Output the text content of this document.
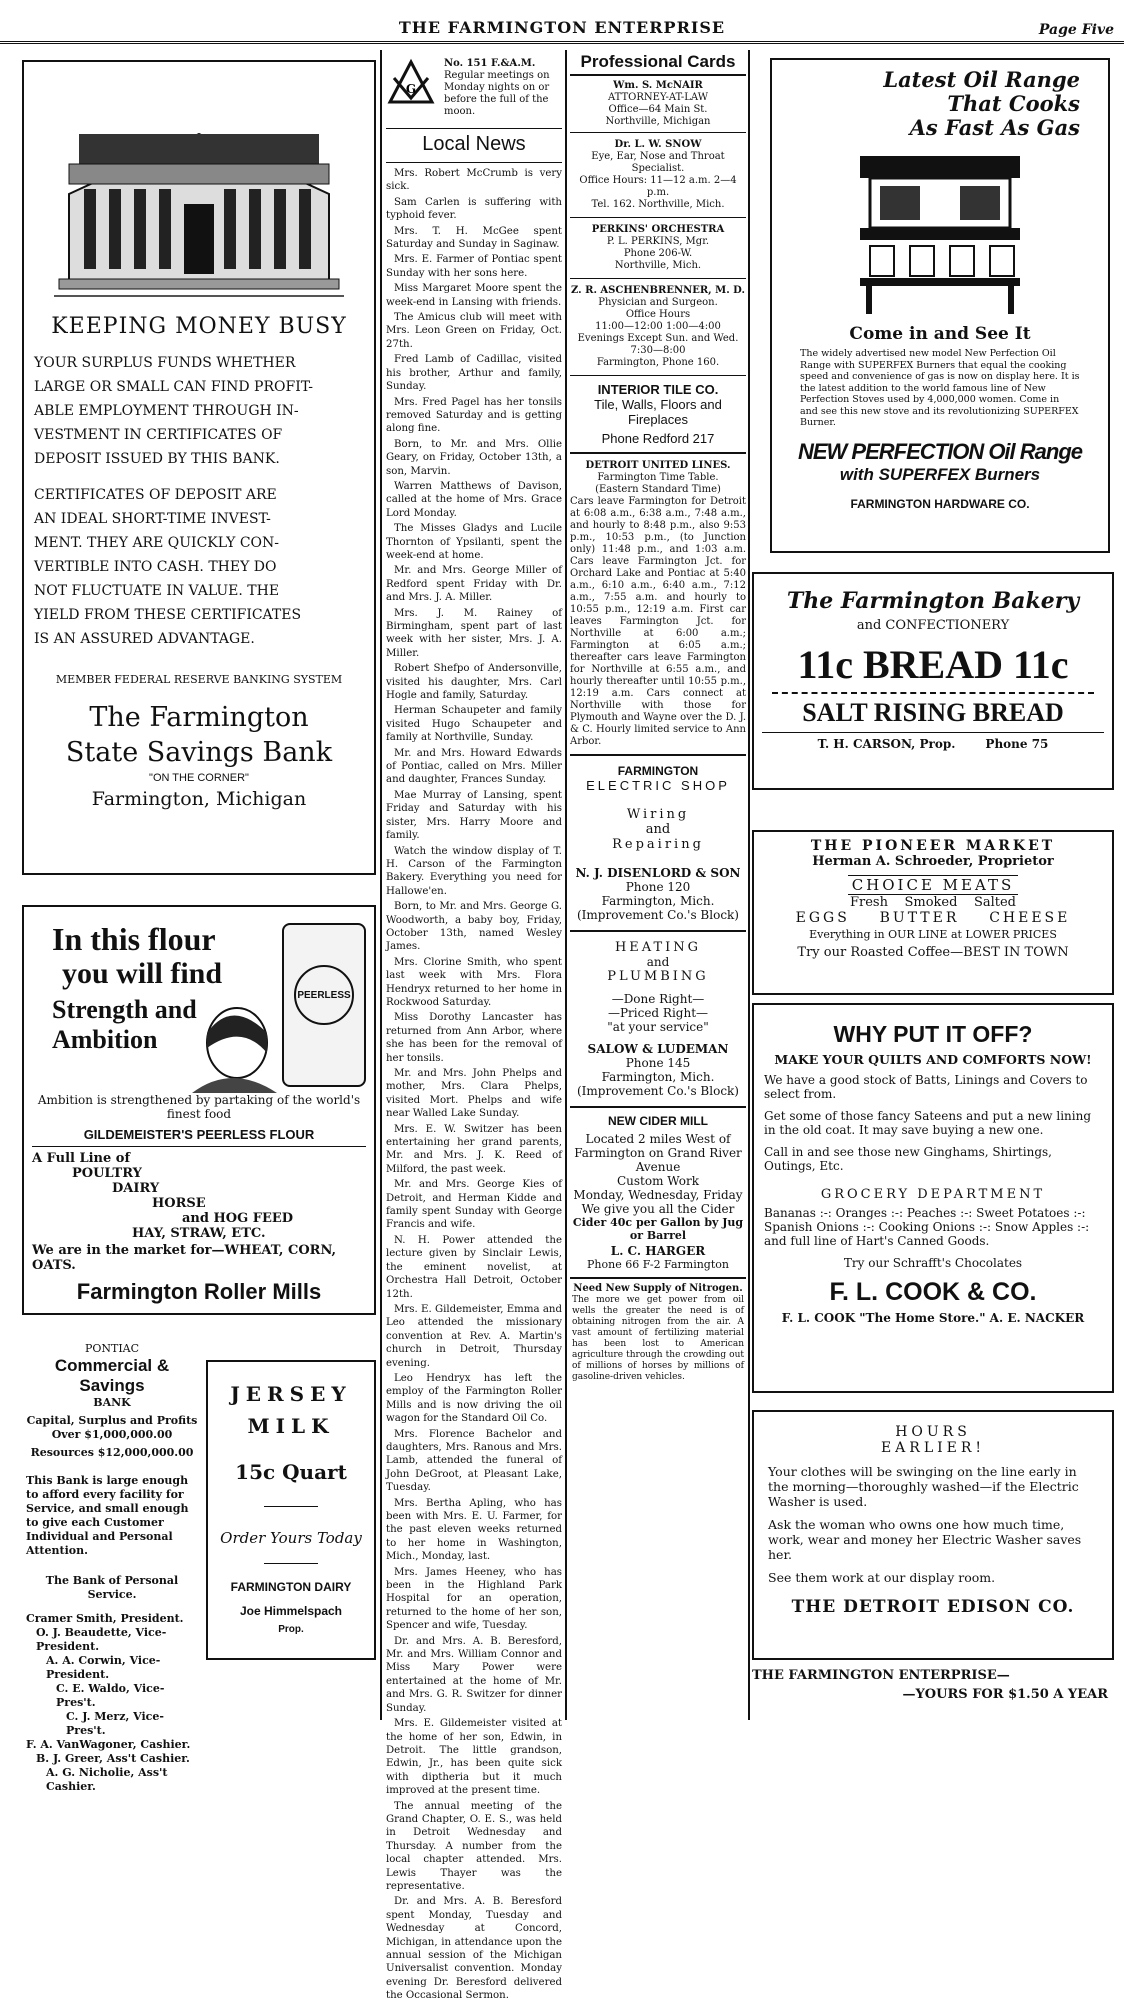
THE FARMINGTON ENTERPRISE	Page Five
KEEPING MONEY BUSY

YOUR SURPLUS FUNDS WHETHER

LARGE OR SMALL CAN FIND PROFIT-

ABLE EMPLOYMENT THROUGH IN-

VESTMENT IN CERTIFICATES OF

DEPOSIT ISSUED BY THIS BANK.

CERTIFICATES OF DEPOSIT ARE

AN IDEAL SHORT-TIME INVEST-

MENT. THEY ARE QUICKLY CON-

VERTIBLE INTO CASH. THEY DO

NOT FLUCTUATE IN VALUE. THE

YIELD FROM THESE CERTIFICATES

IS AN ASSURED ADVANTAGE.

MEMBER FEDERAL RESERVE BANKING SYSTEM
The Farmington
State Savings Bank
"ON THE CORNER"
Farmington, Michigan
In this flour
you will find
Strength and
Ambition
PEERLESS
Ambition is strengthened by partaking of the world's finest food
GILDEMEISTER'S PEERLESS FLOUR
A Full Line of
POULTRY
DAIRY
HORSE
and HOG FEED
HAY, STRAW, ETC.
We are in the market for—WHEAT, CORN, OATS.
Farmington Roller Mills
PONTIAC
Commercial & Savings
BANK
Capital, Surplus and Profits Over $1,000,000.00
Resources $12,000,000.00
This Bank is large enough to afford every facility for Service, and small enough to give each Customer Individual and Personal Attention.
The Bank of Personal Service.
Cramer Smith, President.
O. J. Beaudette, Vice-President.
A. A. Corwin, Vice-President.
C. E. Waldo, Vice-Pres't.
C. J. Merz, Vice-Pres't.
F. A. VanWagoner, Cashier.
B. J. Greer, Ass't Cashier.
A. G. Nicholie, Ass't Cashier.
JERSEY
MILK
15c Quart
Order Yours Today
FARMINGTON DAIRY
Joe Himmelspach
Prop.
G
No. 151 F.&A.M.
Regular meetings on Monday nights on or before the full of the moon.
Local News

Mrs. Robert McCrumb is very sick.

Sam Carlen is suffering with typhoid fever.

Mrs. T. H. McGee spent Saturday and Sunday in Saginaw.

Mrs. E. Farmer of Pontiac spent Sunday with her sons here.

Miss Margaret Moore spent the week-end in Lansing with friends.

The Amicus club will meet with Mrs. Leon Green on Friday, Oct. 27th.

Fred Lamb of Cadillac, visited his brother, Arthur and family, Sunday.

Mrs. Fred Pagel has her tonsils removed Saturday and is getting along fine.

Born, to Mr. and Mrs. Ollie Geary, on Friday, October 13th, a son, Marvin.

Warren Matthews of Davison, called at the home of Mrs. Grace Lord Monday.

The Misses Gladys and Lucile Thornton of Ypsilanti, spent the week-end at home.

Mr. and Mrs. George Miller of Redford spent Friday with Dr. and Mrs. J. A. Miller.

Mrs. J. M. Rainey of Birmingham, spent part of last week with her sister, Mrs. J. A. Miller.

Robert Shefpo of Andersonville, visited his daughter, Mrs. Carl Hogle and family, Saturday.

Herman Schaupeter and family visited Hugo Schaupeter and family at Northville, Sunday.

Mr. and Mrs. Howard Edwards of Pontiac, called on Mrs. Miller and daughter, Frances Sunday.

Mae Murray of Lansing, spent Friday and Saturday with his sister, Mrs. Harry Moore and family.

Watch the window display of T. H. Carson of the Farmington Bakery. Everything you need for Hallowe'en.

Born, to Mr. and Mrs. George G. Woodworth, a baby boy, Friday, October 13th, named Wesley James.

Mrs. Clorine Smith, who spent last week with Mrs. Flora Hendryx returned to her home in Rockwood Saturday.

Miss Dorothy Lancaster has returned from Ann Arbor, where she has been for the removal of her tonsils.

Mr. and Mrs. John Phelps and mother, Mrs. Clara Phelps, visited Mort. Phelps and wife near Walled Lake Sunday.

Mrs. E. W. Switzer has been entertaining her grand parents, Mr. and Mrs. J. K. Reed of Milford, the past week.

Mr. and Mrs. George Kies of Detroit, and Herman Kidde and family spent Sunday with George Francis and wife.

N. H. Power attended the lecture given by Sinclair Lewis, the eminent novelist, at Orchestra Hall Detroit, October 12th.

Mrs. E. Gildemeister, Emma and Leo attended the missionary convention at Rev. A. Martin's church in Detroit, Thursday evening.

Leo Hendryx has left the employ of the Farmington Roller Mills and is now driving the oil wagon for the Standard Oil Co.

Mrs. Florence Bachelor and daughters, Mrs. Ranous and Mrs. Lamb, attended the funeral of John DeGroot, at Pleasant Lake, Tuesday.

Mrs. Bertha Apling, who has been with Mrs. E. U. Farmer, for the past eleven weeks returned to her home in Washington, Mich., Monday, last.

Mrs. James Heeney, who has been in the Highland Park Hospital for an operation, returned to the home of her son, Spencer and wife, Tuesday.

Dr. and Mrs. A. B. Beresford, Mr. and Mrs. William Connor and Miss Mary Power were entertained at the home of Mr. and Mrs. G. R. Switzer for dinner Sunday.

Mrs. E. Gildemeister visited at the home of her son, Edwin, in Detroit. The little grandson, Edwin, Jr., has been quite sick with diptheria but it much improved at the present time.

The annual meeting of the Grand Chapter, O. E. S., was held in Detroit Wednesday and Thursday. A number from the local chapter attended. Mrs. Lewis Thayer was the representative.

Dr. and Mrs. A. B. Beresford spent Monday, Tuesday and Wednesday at Concord, Michigan, in attendance upon the annual session of the Michigan Universalist convention. Monday evening Dr. Beresford delivered the Occasional Sermon.

Professional Cards
Wm. S. McNAIR
ATTORNEY-AT-LAW
Office—64 Main St.
Northville, Michigan
Dr. L. W. SNOW
Eye, Ear, Nose and Throat Specialist.
Office Hours: 11—12 a.m. 2—4 p.m.
Tel. 162. Northville, Mich.
PERKINS' ORCHESTRA
P. L. PERKINS, Mgr.
Phone 206-W.
Northville, Mich.
Z. R. ASCHENBRENNER, M. D.
Physician and Surgeon.
Office Hours
11:00—12:00 1:00—4:00
Evenings Except Sun. and Wed. 7:30—8:00
Farmington, Phone 160.
INTERIOR TILE CO.
Tile, Walls, Floors and Fireplaces
Phone Redford 217
DETROIT UNITED LINES.
Farmington Time Table.
(Eastern Standard Time)
Cars leave Farmington for Detroit at 6:08 a.m., 6:38 a.m., 7:48 a.m., and hourly to 8:48 p.m., also 9:53 p.m., 10:53 p.m., (to Junction only) 11:48 p.m., and 1:03 a.m. Cars leave Farmington Jct. for Orchard Lake and Pontiac at 5:40 a.m., 6:10 a.m., 6:40 a.m., 7:12 a.m., 7:55 a.m. and hourly to 10:55 p.m., 12:19 a.m. First car leaves Farmington Jct. for Northville at 6:00 a.m.; Farmington at 6:05 a.m.; thereafter cars leave Farmington for Northville at 6:55 a.m., and hourly thereafter until 10:55 p.m., 12:19 a.m. Cars connect at Northville with those for Plymouth and Wayne over the D. J. & C. Hourly limited service to Ann Arbor.
FARMINGTON
ELECTRIC SHOP
Wiring
and
Repairing
N. J. DISENLORD & SON
Phone 120
Farmington, Mich.
(Improvement Co.'s Block)
HEATING
and
PLUMBING
—Done Right—
—Priced Right—
"at your service"
SALOW & LUDEMAN
Phone 145
Farmington, Mich.
(Improvement Co.'s Block)
NEW CIDER MILL
Located 2 miles West of Farmington on Grand River Avenue
Custom Work
Monday, Wednesday, Friday
We give you all the Cider
Cider 40c per Gallon by Jug or Barrel
L. C. HARGER
Phone 66 F-2 Farmington
Need New Supply of Nitrogen.
The more we get power from oil wells the greater the need is of obtaining nitrogen from the air. A vast amount of fertilizing material has been lost to American agriculture through the crowding out of millions of horses by millions of gasoline-driven vehicles.
Latest Oil Range
That Cooks
As Fast As Gas
Come in and See It
The widely advertised new model New Perfection Oil Range with SUPERFEX Burners that equal the cooking speed and convenience of gas is now on display here. It is the latest addition to the world famous line of New Perfection Stoves used by 4,000,000 women. Come in and see this new stove and its revolutionizing SUPERFEX Burner.
NEW PERFECTION Oil Range
with SUPERFEX Burners
FARMINGTON HARDWARE CO.
The Farmington Bakery
and CONFECTIONERY
11c BREAD 11c
SALT RISING BREAD
T. H. CARSON, Prop.	Phone 75
THE PIONEER MARKET
Herman A. Schroeder, Proprietor
CHOICE MEATS
Fresh    Smoked    Salted
EGGS    BUTTER    CHEESE
Everything in OUR LINE at LOWER PRICES
Try our Roasted Coffee—BEST IN TOWN
WHY PUT IT OFF?
MAKE YOUR QUILTS AND COMFORTS NOW!
We have a good stock of Batts, Linings and Covers to select from.
Get some of those fancy Sateens and put a new lining in the old coat. It may save buying a new one.
Call in and see those new Ginghams, Shirtings, Outings, Etc.
GROCERY DEPARTMENT
Bananas :-: Oranges :-: Peaches :-: Sweet Potatoes :-: Spanish Onions :-: Cooking Onions :-: Snow Apples :-: and full line of Hart's Canned Goods.
Try our Schrafft's Chocolates
F. L. COOK & CO.
F. L. COOK "The Home Store." A. E. NACKER
HOURS
EARLIER!
Your clothes will be swinging on the line early in the morning—thoroughly washed—if the Electric Washer is used.
Ask the woman who owns one how much time, work, wear and money her Electric Washer saves her.
See them work at our display room.
THE DETROIT EDISON CO.
THE FARMINGTON ENTERPRISE—
—YOURS FOR $1.50 A YEAR
